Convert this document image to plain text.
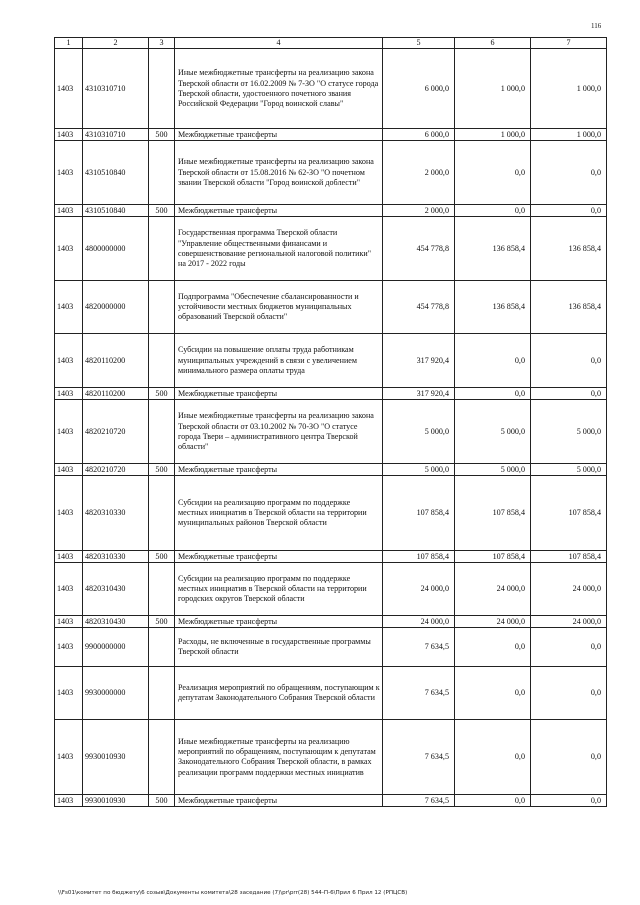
116
1	2	3	4	5	6	7
1403	4310310710		Иные межбюджетные трансферты на реализацию закона Тверской области от 16.02.2009 № 7-ЗО "О статусе города Тверской области, удостоенного почетного звания Российской Федерации "Город воинской славы"	6 000,0	1 000,0	1 000,0
1403	4310310710	500	Межбюджетные трансферты	6 000,0	1 000,0	1 000,0
1403	4310510840		Иные межбюджетные трансферты на реализацию закона Тверской области от 15.08.2016 № 62-ЗО "О почетном звании Тверской области "Город воинской доблести"	2 000,0	0,0	0,0
1403	4310510840	500	Межбюджетные трансферты	2 000,0	0,0	0,0
1403	4800000000		Государственная программа Тверской области "Управление общественными финансами и совершенствование региональной налоговой политики" на 2017 - 2022 годы	454 778,8	136 858,4	136 858,4
1403	4820000000		Подпрограмма "Обеспечение сбалансированности и устойчивости местных бюджетов муниципальных образований Тверской области"	454 778,8	136 858,4	136 858,4
1403	4820110200		Субсидии на повышение оплаты труда работникам муниципальных учреждений в связи с увеличением минимального размера оплаты труда	317 920,4	0,0	0,0
1403	4820110200	500	Межбюджетные трансферты	317 920,4	0,0	0,0
1403	4820210720		Иные межбюджетные трансферты на реализацию закона Тверской области от 03.10.2002 № 70-ЗО "О статусе города Твери – административного центра Тверской области"	5 000,0	5 000,0	5 000,0
1403	4820210720	500	Межбюджетные трансферты	5 000,0	5 000,0	5 000,0
1403	4820310330		Субсидии на реализацию программ по поддержке местных инициатив в Тверской области на территории муниципальных районов Тверской области	107 858,4	107 858,4	107 858,4
1403	4820310330	500	Межбюджетные трансферты	107 858,4	107 858,4	107 858,4
1403	4820310430		Субсидии на реализацию программ по поддержке местных инициатив в Тверской области на территории городских округов Тверской области	24 000,0	24 000,0	24 000,0
1403	4820310430	500	Межбюджетные трансферты	24 000,0	24 000,0	24 000,0
1403	9900000000		Расходы, не включенные в государственные программы Тверской области	7 634,5	0,0	0,0
1403	9930000000		Реализация мероприятий по обращениям, поступающим к депутатам Законодательного Собрания Тверской области	7 634,5	0,0	0,0
1403	9930010930		Иные межбюджетные трансферты на реализацию мероприятий по обращениям, поступающим к депутатам Законодательного Собрания Тверской области, в рамках реализации программ поддержки местных инициатив	7 634,5	0,0	0,0
1403	9930010930	500	Межбюджетные трансферты	7 634,5	0,0	0,0
\\Fs01\комитет по бюджету\6 созыв\Документы комитета\28 заседание (7)\pr\prr(28) 544-П-6\Прил 6 Прил 12 (РПЦСВ)
